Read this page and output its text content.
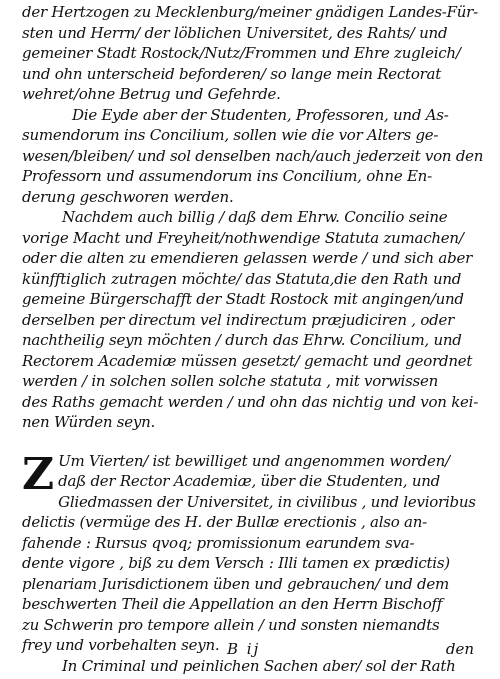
der Hertzogen zu Mecklenburg/meiner gnädigen Landes-Für-
sten und Herrn/ der löblichen Universitet, des Rahts/ und
gemeiner Stadt Rostock/Nutz/Frommen und Ehre zugleich/
und ohn unterscheid beforderen/ so lange mein Rectorat
wehret/ohne Betrug und Gefehrde.
Die Eyde aber der Studenten, Professoren, und As-
sumendorum ins Concilium, sollen wie die vor Alters ge-
wesen/bleiben/ und sol denselben nach/auch jederzeit von den
Professorn und assumendorum ins Concilium, ohne En-
derung geschworen werden.
Nachdem auch billig / daß dem Ehrw. Concilio seine
vorige Macht und Freyheit/nothwendige Statuta zumachen/
oder die alten zu emendieren gelassen werde / und sich aber
künfftiglich zutragen möchte/ das Statuta,die den Rath und
gemeine Bürgerschafft der Stadt Rostock mit angingen/und
derselben per directum vel indirectum præjudiciren , oder
nachtheilig seyn möchten / durch das Ehrw. Concilium, und
Rectorem Academiæ müssen gesetzt/ gemacht und geordnet
werden / in solchen sollen solche statuta , mit vorwissen
des Raths gemacht werden / und ohn das nichtig und von kei-
nen Würden seyn.
Z Um Vierten/ ist bewilliget und angenommen worden/
daß der Rector Academiæ, über die Studenten, und
Gliedmassen der Universitet, in civilibus , und levioribus
delictis (vermüge des H. der Bullæ erectionis , also an-
fahende : Rursus qvoq; promissionum earundem sva-
dente vigore , biß zu dem Versch : Illi tamen ex prædictis)
plenariam Jurisdictionem üben und gebrauchen/ und dem
beschwerten Theil die Appellation an den Herrn Bischoff
zu Schwerin pro tempore allein / und sonsten niemandts
frey und vorbehalten seyn.
In Criminal und peinlichen Sachen aber/ sol der Rath
B ij	den
